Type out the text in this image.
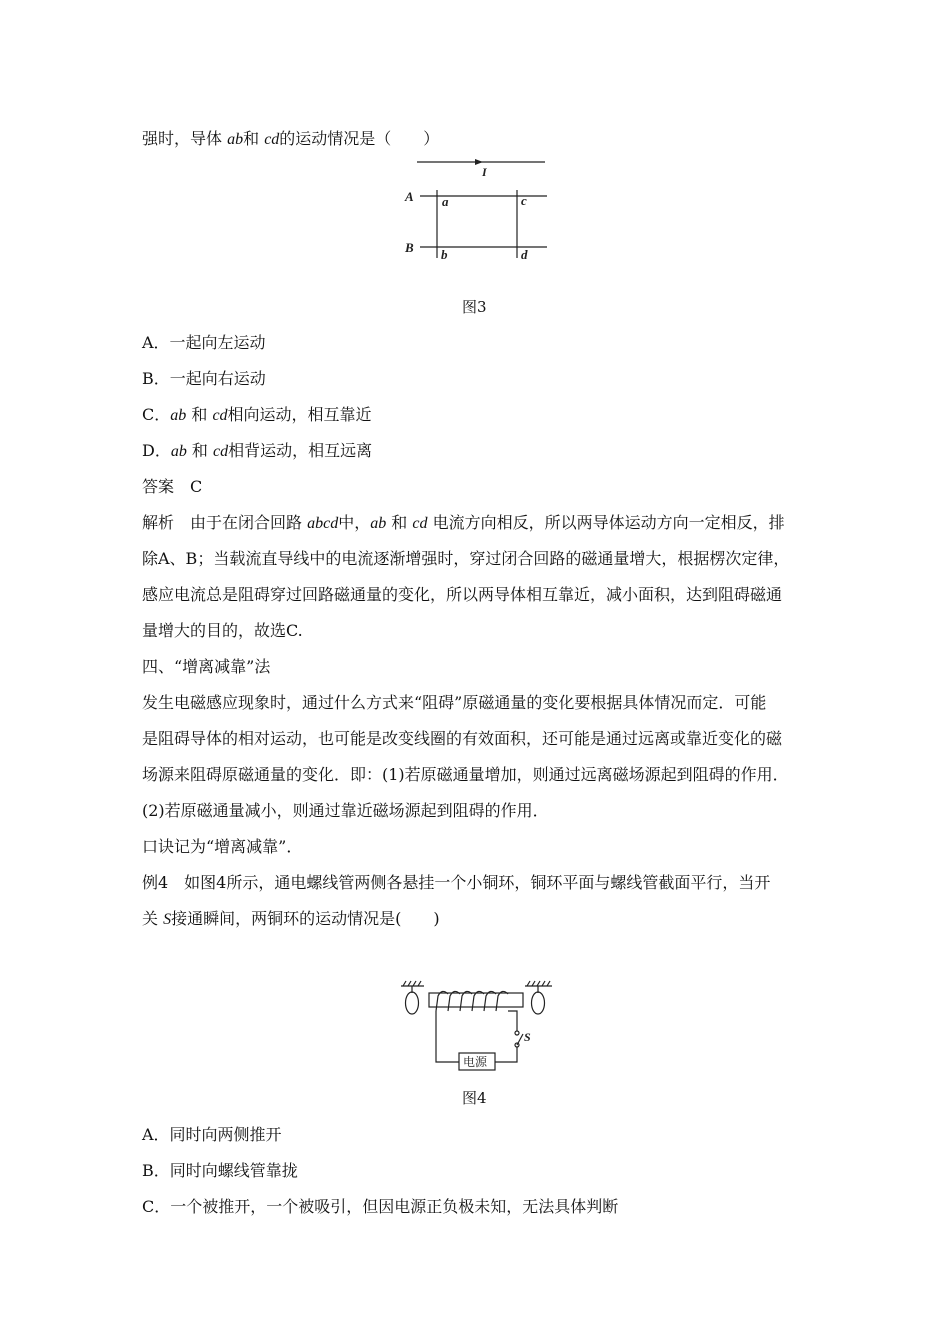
强时，导体 ab和 cd的运动情况是（　　）
I
A
B
a
b
c
d
图3
A．一起向左运动
B．一起向右运动
C．ab 和 cd相向运动，相互靠近
D．ab 和 cd相背运动，相互远离
答案　C
解析　由于在闭合回路 abcd中，ab 和 cd 电流方向相反，所以两导体运动方向一定相反，排
除A、B；当载流直导线中的电流逐渐增强时，穿过闭合回路的磁通量增大，根据楞次定律，
感应电流总是阻碍穿过回路磁通量的变化，所以两导体相互靠近，减小面积，达到阻碍磁通
量增大的目的，故选C.
四、“增离减靠”法
发生电磁感应现象时，通过什么方式来“阻碍”原磁通量的变化要根据具体情况而定．可能
是阻碍导体的相对运动，也可能是改变线圈的有效面积，还可能是通过远离或靠近变化的磁
场源来阻碍原磁通量的变化．即：(1)若原磁通量增加，则通过远离磁场源起到阻碍的作用．
(2)若原磁通量减小，则通过靠近磁场源起到阻碍的作用．
口诀记为“增离减靠”．
例4　如图4所示，通电螺线管两侧各悬挂一个小铜环，铜环平面与螺线管截面平行，当开
关 S接通瞬间，两铜环的运动情况是(　　)
S
电源
图4
A．同时向两侧推开
B．同时向螺线管靠拢
C．一个被推开，一个被吸引，但因电源正负极未知，无法具体判断
